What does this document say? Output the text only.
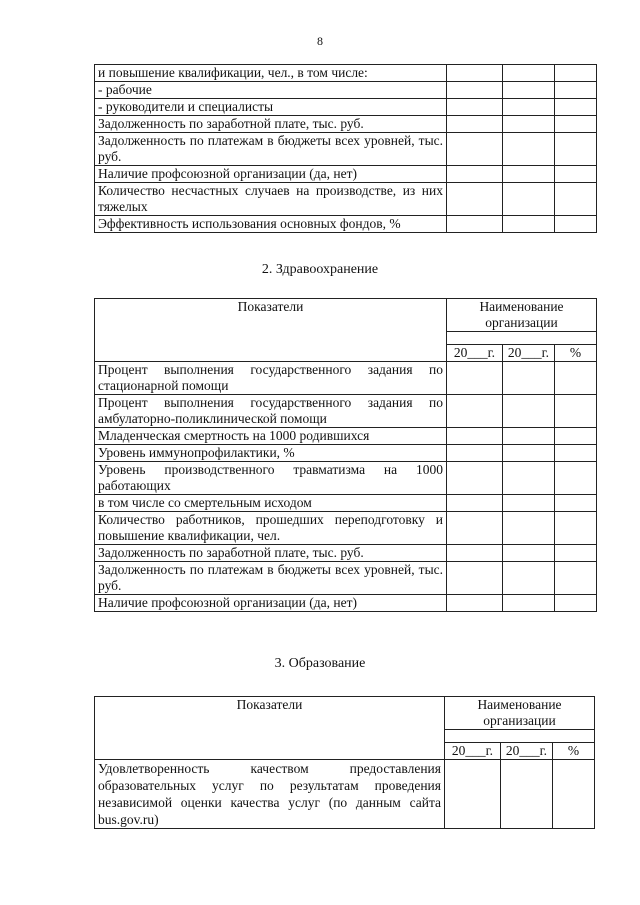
8
и повышение квалификации, чел., в том числе:			
- рабочие			
- руководители и специалисты			
Задолженность по заработной плате, тыс. руб.			
Задолженность по платежам в бюджеты всех уровней, тыс. руб.			
Наличие профсоюзной организации (да, нет)			
Количество несчастных случаев на производстве, из них тяжелых			
Эффективность использования основных фондов, %			
2. Здравоохранение
Показатели	Наименование организации		

	20___г.	20___г.	%
Процент выполнения государственного задания по стационарной помощи			
Процент выполнения государственного задания по амбулаторно-поликлинической помощи			
Младенческая смертность на 1000 родившихся			
Уровень иммунопрофилактики, %			
Уровень производственного травматизма на 1000 работающих			
в том числе со смертельным исходом			
Количество работников, прошедших переподготовку и повышение квалификации, чел.			
Задолженность по заработной плате, тыс. руб.			
Задолженность по платежам в бюджеты всех уровней, тыс. руб.			
Наличие профсоюзной организации (да, нет)			
3. Образование
Показатели	Наименование организации		

	20___г.	20___г.	%
Удовлетворенность качеством предоставления образовательных услуг по результатам проведения независимой оценки качества услуг (по данным сайта bus.gov.ru)			
